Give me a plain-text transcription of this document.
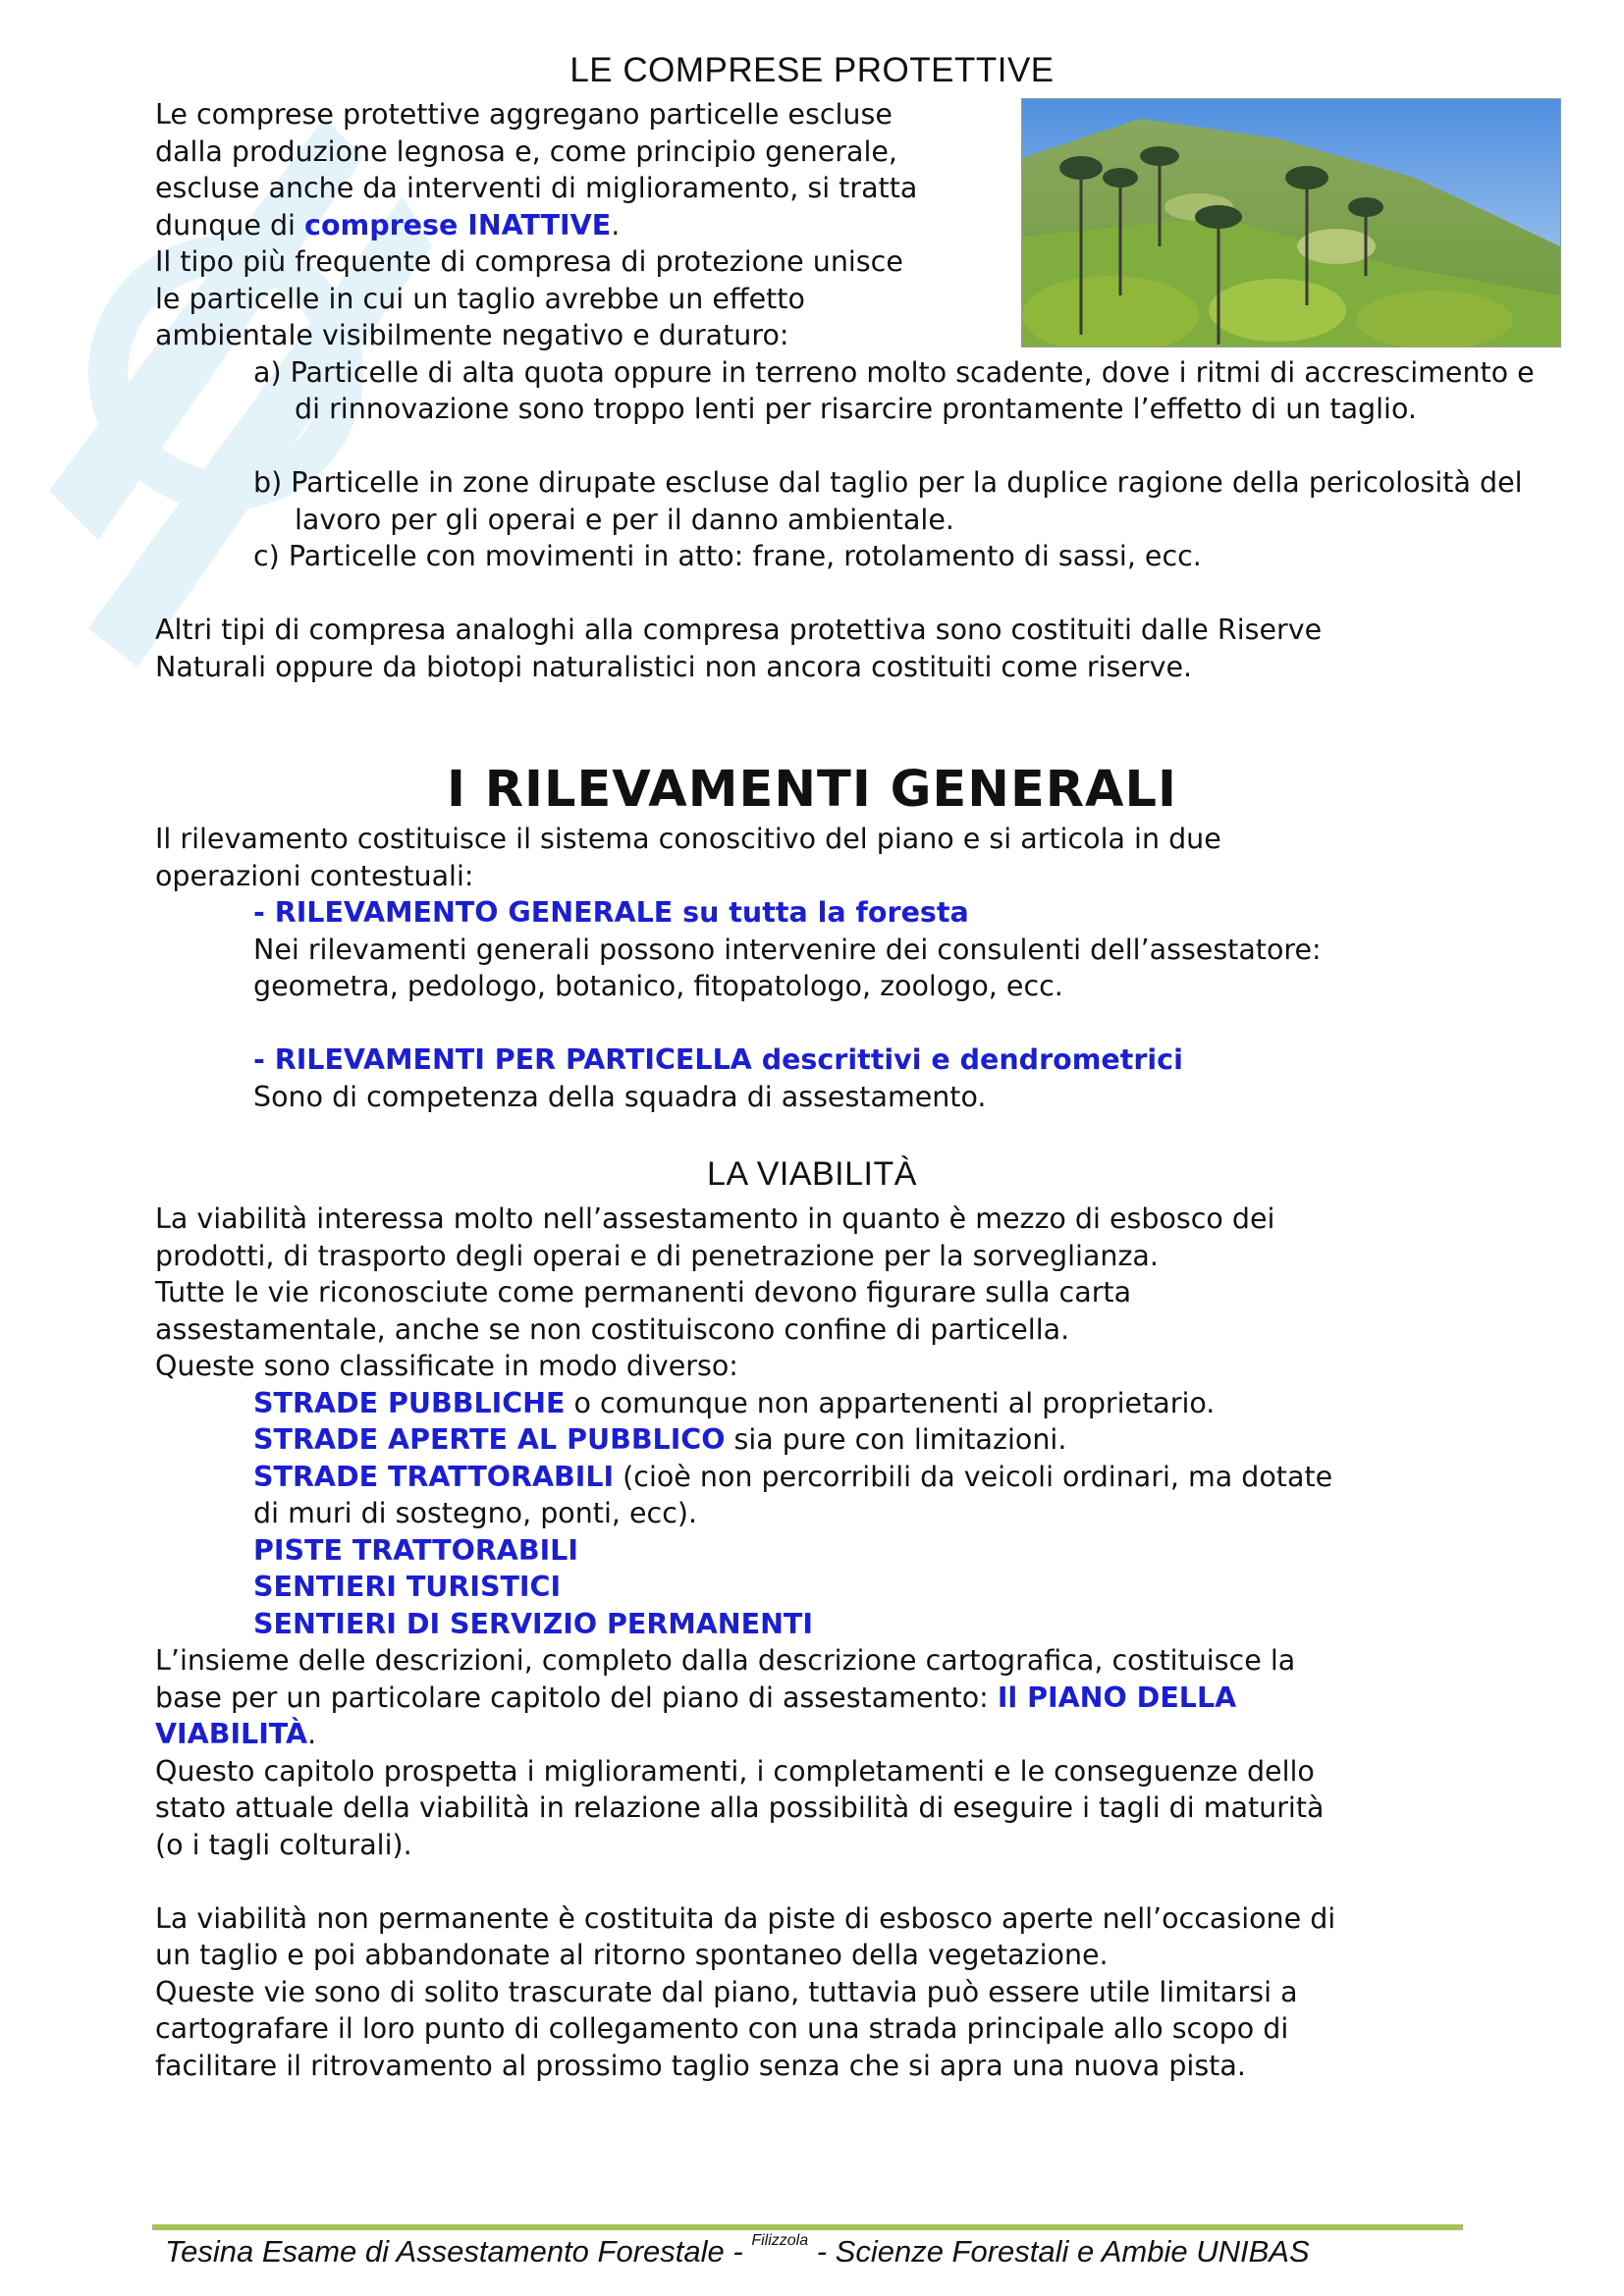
LE COMPRESE PROTETTIVE
Le comprese protettive aggregano particelle escluse
dalla produzione legnosa e, come principio generale,
escluse anche da interventi di miglioramento, si tratta
dunque di comprese INATTIVE.
Il tipo più frequente di compresa di protezione unisce
le particelle in cui un taglio avrebbe un effetto
ambientale visibilmente negativo e duraturo:
a) Particelle di alta quota oppure in terreno molto scadente, dove i ritmi di accrescimento e di rinnovazione sono troppo lenti per risarcire prontamente l’effetto di un taglio.
b) Particelle in zone dirupate escluse dal taglio per la duplice ragione della pericolosità del lavoro per gli operai e per il danno ambientale.
c) Particelle con movimenti in atto: frane, rotolamento di sassi, ecc.
Altri tipi di compresa analoghi alla compresa protettiva sono costituiti dalle Riserve
Naturali oppure da biotopi naturalistici non ancora costituiti come riserve.
I RILEVAMENTI GENERALI
Il rilevamento costituisce il sistema conoscitivo del piano e si articola in due
operazioni contestuali:
- RILEVAMENTO GENERALE su tutta la foresta
Nei rilevamenti generali possono intervenire dei consulenti dell’assestatore:
geometra, pedologo, botanico, fitopatologo, zoologo, ecc.
- RILEVAMENTI PER PARTICELLA descrittivi e dendrometrici
Sono di competenza della squadra di assestamento.
LA VIABILITÀ
La viabilità interessa molto nell’assestamento in quanto è mezzo di esbosco dei
prodotti, di trasporto degli operai e di penetrazione per la sorveglianza.
Tutte le vie riconosciute come permanenti devono figurare sulla carta
assestamentale, anche se non costituiscono confine di particella.
Queste sono classificate in modo diverso:
STRADE PUBBLICHE o comunque non appartenenti al proprietario.
STRADE APERTE AL PUBBLICO sia pure con limitazioni.
STRADE TRATTORABILI (cioè non percorribili da veicoli ordinari, ma dotate
di muri di sostegno, ponti, ecc).
PISTE TRATTORABILI
SENTIERI TURISTICI
SENTIERI DI SERVIZIO PERMANENTI
L’insieme delle descrizioni, completo dalla descrizione cartografica, costituisce la
base per un particolare capitolo del piano di assestamento: Il PIANO DELLA
VIABILITÀ.
Questo capitolo prospetta i miglioramenti, i completamenti e le conseguenze dello
stato attuale della viabilità in relazione alla possibilità di eseguire i tagli di maturità
(o i tagli colturali).
La viabilità non permanente è costituita da piste di esbosco aperte nell’occasione di
un taglio e poi abbandonate al ritorno spontaneo della vegetazione.
Queste vie sono di solito trascurate dal piano, tuttavia può essere utile limitarsi a
cartografare il loro punto di collegamento con una strada principale allo scopo di
facilitare il ritrovamento al prossimo taglio senza che si apra una nuova pista.
Tesina Esame di Assestamento Forestale - $^{Filizzola}$ - Scienze Forestali e Ambie UNIBAS
